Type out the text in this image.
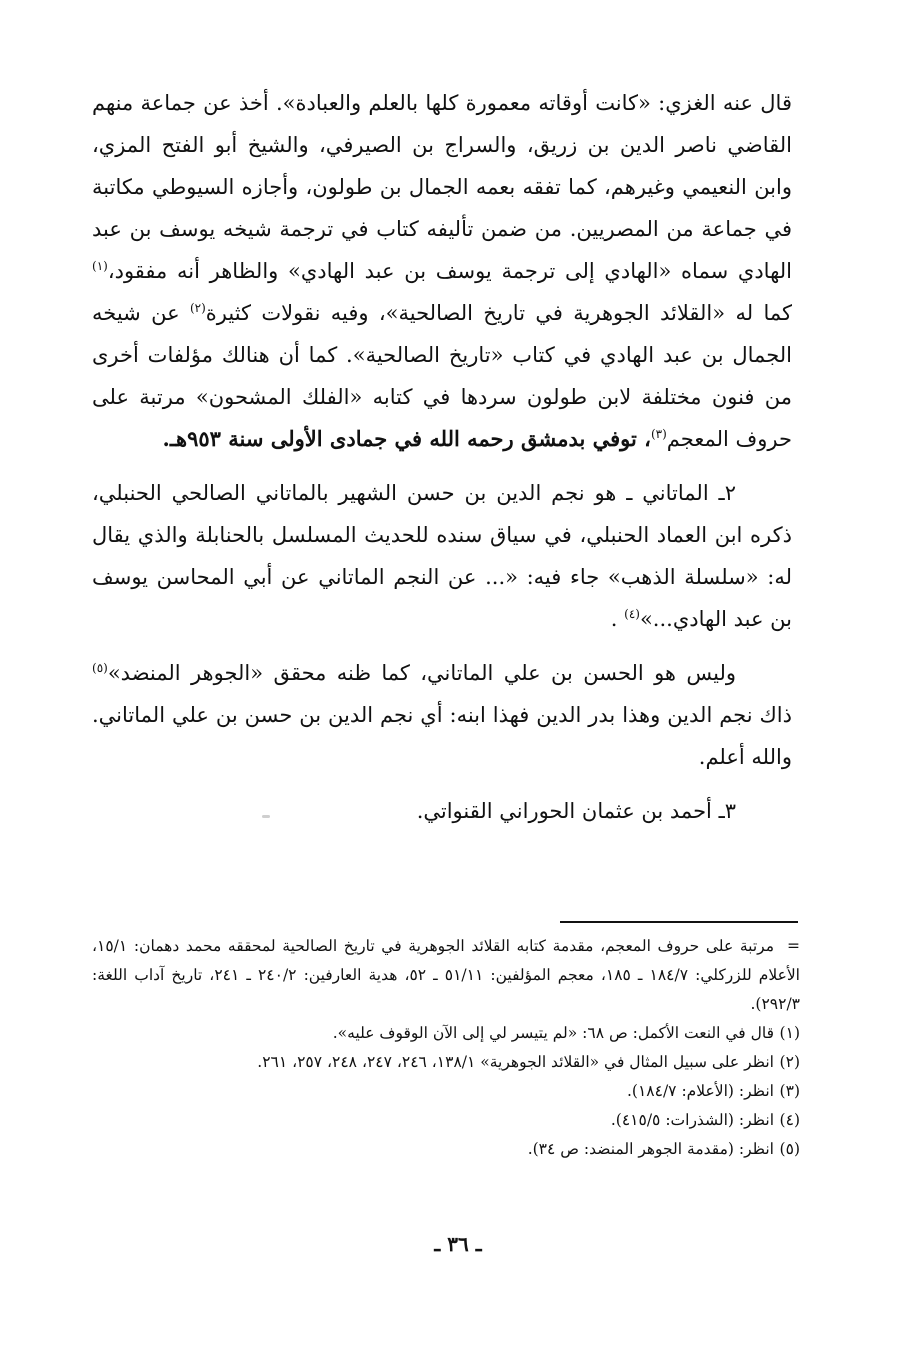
قال عنه الغزي: «كانت أوقاته معمورة كلها بالعلم والعبادة». أخذ عن جماعة منهم القاضي ناصر الدين بن زريق، والسراج بن الصيرفي، والشيخ أبو الفتح المزي، وابن النعيمي وغيرهم، كما تفقه بعمه الجمال بن طولون، وأجازه السيوطي مكاتبة في جماعة من المصريين. من ضمن تأليفه كتاب في ترجمة شيخه يوسف بن عبد الهادي سماه «الهادي إلى ترجمة يوسف بن عبد الهادي» والظاهر أنه مفقود،$^{(١)}$ كما له «القلائد الجوهرية في تاريخ الصالحية»، وفيه نقولات كثيرة$^{(٢)}$ عن شيخه الجمال بن عبد الهادي في كتاب «تاريخ الصالحية». كما أن هنالك مؤلفات أخرى من فنون مختلفة لابن طولون سردها في كتابه «الفلك المشحون» مرتبة على حروف المعجم$^{(٣)}$، توفي بدمشق رحمه الله في جمادى الأولى سنة ٩٥٣هـ.

٢ـ الماتاني ـ هو نجم الدين بن حسن الشهير بالماتاني الصالحي الحنبلي، ذكره ابن العماد الحنبلي، في سياق سنده للحديث المسلسل بالحنابلة والذي يقال له: «سلسلة الذهب» جاء فيه: «... عن النجم الماتاني عن أبي المحاسن يوسف بن عبد الهادي...»$^{(٤)}$ .

وليس هو الحسن بن علي الماتاني، كما ظنه محقق «الجوهر المنضد»$^{(٥)}$ ذاك نجم الدين وهذا بدر الدين فهذا ابنه: أي نجم الدين بن حسن بن علي الماتاني. والله أعلم.

٣ـ أحمد بن عثمان الحوراني القنواتي.

=مرتبة على حروف المعجم، مقدمة كتابه القلائد الجوهرية في تاريخ الصالحية لمحققه محمد دهمان: ١٥/١، الأعلام للزركلي: ١٨٤/٧ ـ ١٨٥، معجم المؤلفين: ٥١/١١ ـ ٥٢، هدية العارفين: ٢٤٠/٢ ـ ٢٤١، تاريخ آداب اللغة: ٢٩٢/٣).

(١)قال في النعت الأكمل: ص ٦٨: «لم يتيسر لي إلى الآن الوقوف عليه».

(٢)انظر على سبيل المثال في «القلائد الجوهرية» ١٣٨/١، ٢٤٦، ٢٤٧، ٢٤٨، ٢٥٧، ٢٦١.

(٣)انظر: (الأعلام: ١٨٤/٧).

(٤)انظر: (الشذرات: ٤١٥/٥).

(٥)انظر: (مقدمة الجوهر المنضد: ص ٣٤).

ـ ٣٦ ـ
